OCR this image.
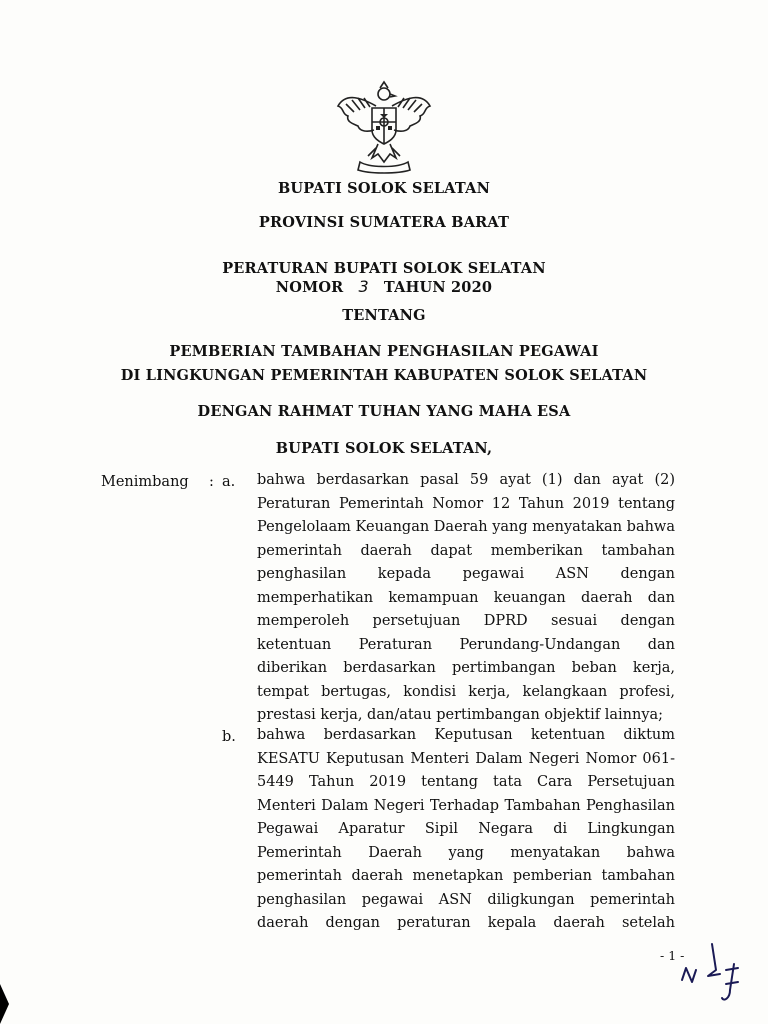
BUPATI SOLOK SELATAN
PROVINSI SUMATERA BARAT
PERATURAN BUPATI SOLOK SELATAN
NOMOR 3 TAHUN 2020
TENTANG
PEMBERIAN TAMBAHAN PENGHASILAN PEGAWAI
DI LINGKUNGAN PEMERINTAH KABUPATEN SOLOK SELATAN
DENGAN RAHMAT TUHAN YANG MAHA ESA
BUPATI SOLOK SELATAN,
Menimbang : a. bahwa berdasarkan pasal 59 ayat (1) dan ayat (2)
Peraturan Pemerintah Nomor 12 Tahun 2019 tentang
Pengelolaam Keuangan Daerah yang menyatakan bahwa
pemerintah daerah dapat memberikan tambahan
penghasilan kepada pegawai ASN dengan
memperhatikan kemampuan keuangan daerah dan
memperoleh persetujuan DPRD sesuai dengan
ketentuan Peraturan Perundang-Undangan dan
diberikan berdasarkan pertimbangan beban kerja,
tempat bertugas, kondisi kerja, kelangkaan profesi,
prestasi kerja, dan/atau pertimbangan objektif lainnya;
b. bahwa berdasarkan Keputusan ketentuan diktum
KESATU Keputusan Menteri Dalam Negeri Nomor 061-
5449 Tahun 2019 tentang tata Cara Persetujuan
Menteri Dalam Negeri Terhadap Tambahan Penghasilan
Pegawai Aparatur Sipil Negara di Lingkungan
Pemerintah Daerah yang menyatakan bahwa
pemerintah daerah menetapkan pemberian tambahan
penghasilan pegawai ASN diligkungan pemerintah
daerah dengan peraturan kepala daerah setelah
- 1 -
